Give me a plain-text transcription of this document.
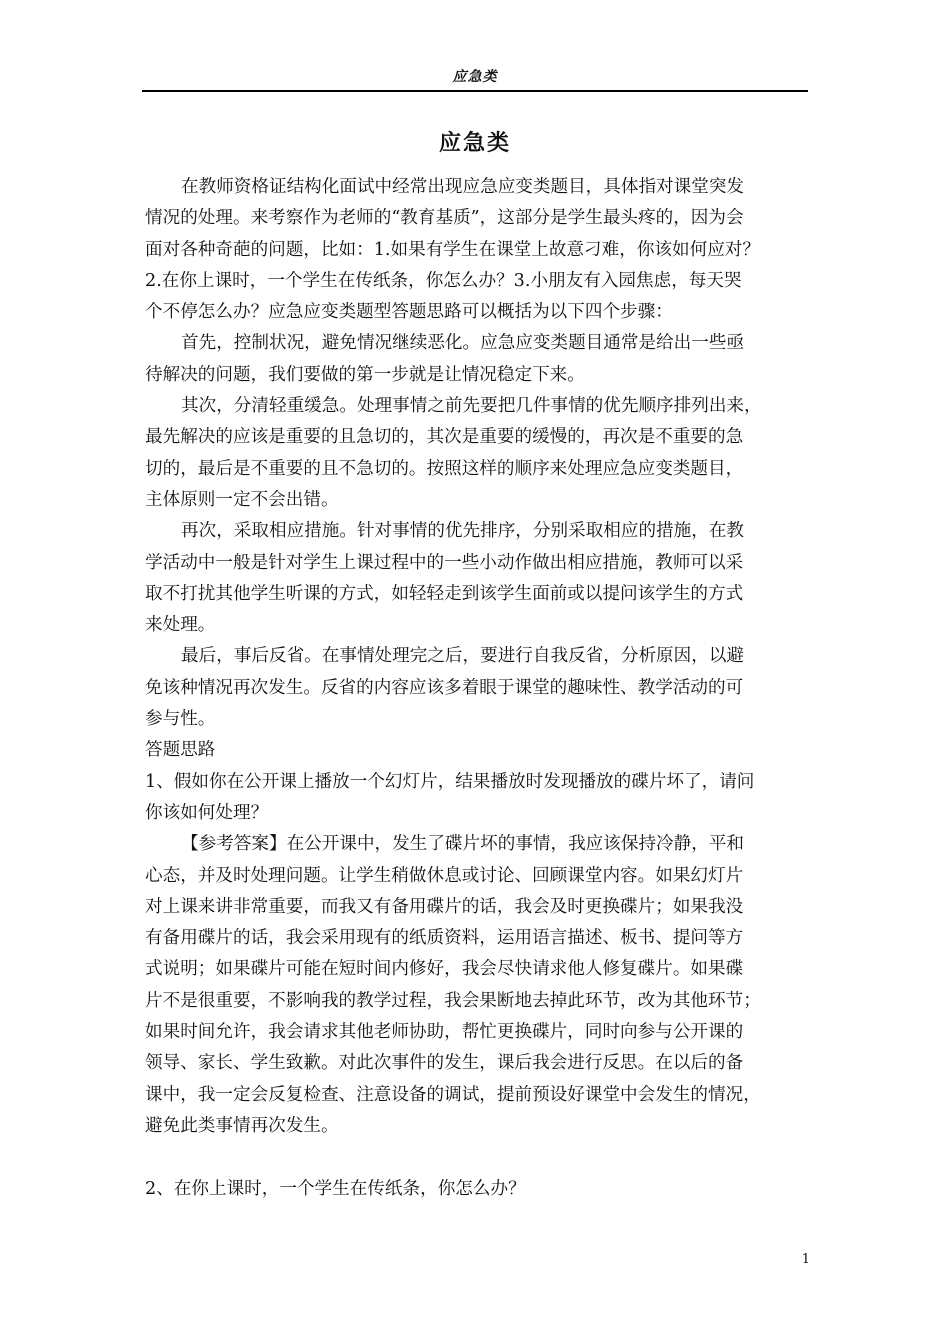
应急类
应急类
在教师资格证结构化面试中经常出现应急应变类题目，具体指对课堂突发
情况的处理。来考察作为老师的“教育基质”，这部分是学生最头疼的，因为会
面对各种奇葩的问题，比如：1.如果有学生在课堂上故意刁难，你该如何应对？
2.在你上课时，一个学生在传纸条，你怎么办？3.小朋友有入园焦虑，每天哭
个不停怎么办？应急应变类题型答题思路可以概括为以下四个步骤：
首先，控制状况，避免情况继续恶化。应急应变类题目通常是给出一些亟
待解决的问题，我们要做的第一步就是让情况稳定下来。
其次，分清轻重缓急。处理事情之前先要把几件事情的优先顺序排列出来，
最先解决的应该是重要的且急切的，其次是重要的缓慢的，再次是不重要的急
切的，最后是不重要的且不急切的。按照这样的顺序来处理应急应变类题目，
主体原则一定不会出错。
再次，采取相应措施。针对事情的优先排序，分别采取相应的措施，在教
学活动中一般是针对学生上课过程中的一些小动作做出相应措施，教师可以采
取不打扰其他学生听课的方式，如轻轻走到该学生面前或以提问该学生的方式
来处理。
最后，事后反省。在事情处理完之后，要进行自我反省，分析原因，以避
免该种情况再次发生。反省的内容应该多着眼于课堂的趣味性、教学活动的可
参与性。
答题思路
1、假如你在公开课上播放一个幻灯片，结果播放时发现播放的碟片坏了，请问
你该如何处理？
【参考答案】在公开课中，发生了碟片坏的事情，我应该保持冷静，平和
心态，并及时处理问题。让学生稍做休息或讨论、回顾课堂内容。如果幻灯片
对上课来讲非常重要，而我又有备用碟片的话，我会及时更换碟片；如果我没
有备用碟片的话，我会采用现有的纸质资料，运用语言描述、板书、提问等方
式说明；如果碟片可能在短时间内修好，我会尽快请求他人修复碟片。如果碟
片不是很重要，不影响我的教学过程，我会果断地去掉此环节，改为其他环节；
如果时间允许，我会请求其他老师协助，帮忙更换碟片，同时向参与公开课的
领导、家长、学生致歉。对此次事件的发生，课后我会进行反思。在以后的备
课中，我一定会反复检查、注意设备的调试，提前预设好课堂中会发生的情况，
避免此类事情再次发生。
2、在你上课时，一个学生在传纸条，你怎么办？
1
